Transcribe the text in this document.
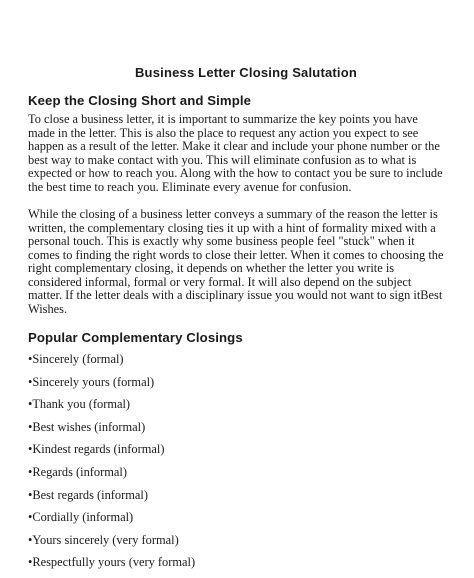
Business Letter Closing Salutation
Keep the Closing Short and Simple

To close a business letter, it is important to summarize the key points you have made in the letter. This is also the place to request any action you expect to see happen as a result of the letter. Make it clear and include your phone number or the best way to make contact with you. This will eliminate confusion as to what is expected or how to reach you. Along with the how to contact you be sure to include the best time to reach you. Eliminate every avenue for confusion.

While the closing of a business letter conveys a summary of the reason the letter is written, the complementary closing ties it up with a hint of formality mixed with a personal touch. This is exactly why some business people feel "stuck" when it comes to finding the right words to close their letter. When it comes to choosing the right complementary closing, it depends on whether the letter you write is considered informal, formal or very formal. It will also depend on the subject matter. If the letter deals with a disciplinary issue you would not want to sign itBest Wishes.

Popular Complementary Closings
•Sincerely (formal)
•Sincerely yours (formal)
•Thank you (formal)
•Best wishes (informal)
•Kindest regards (informal)
•Regards (informal)
•Best regards (informal)
•Cordially (informal)
•Yours sincerely (very formal)
•Respectfully yours (very formal)
